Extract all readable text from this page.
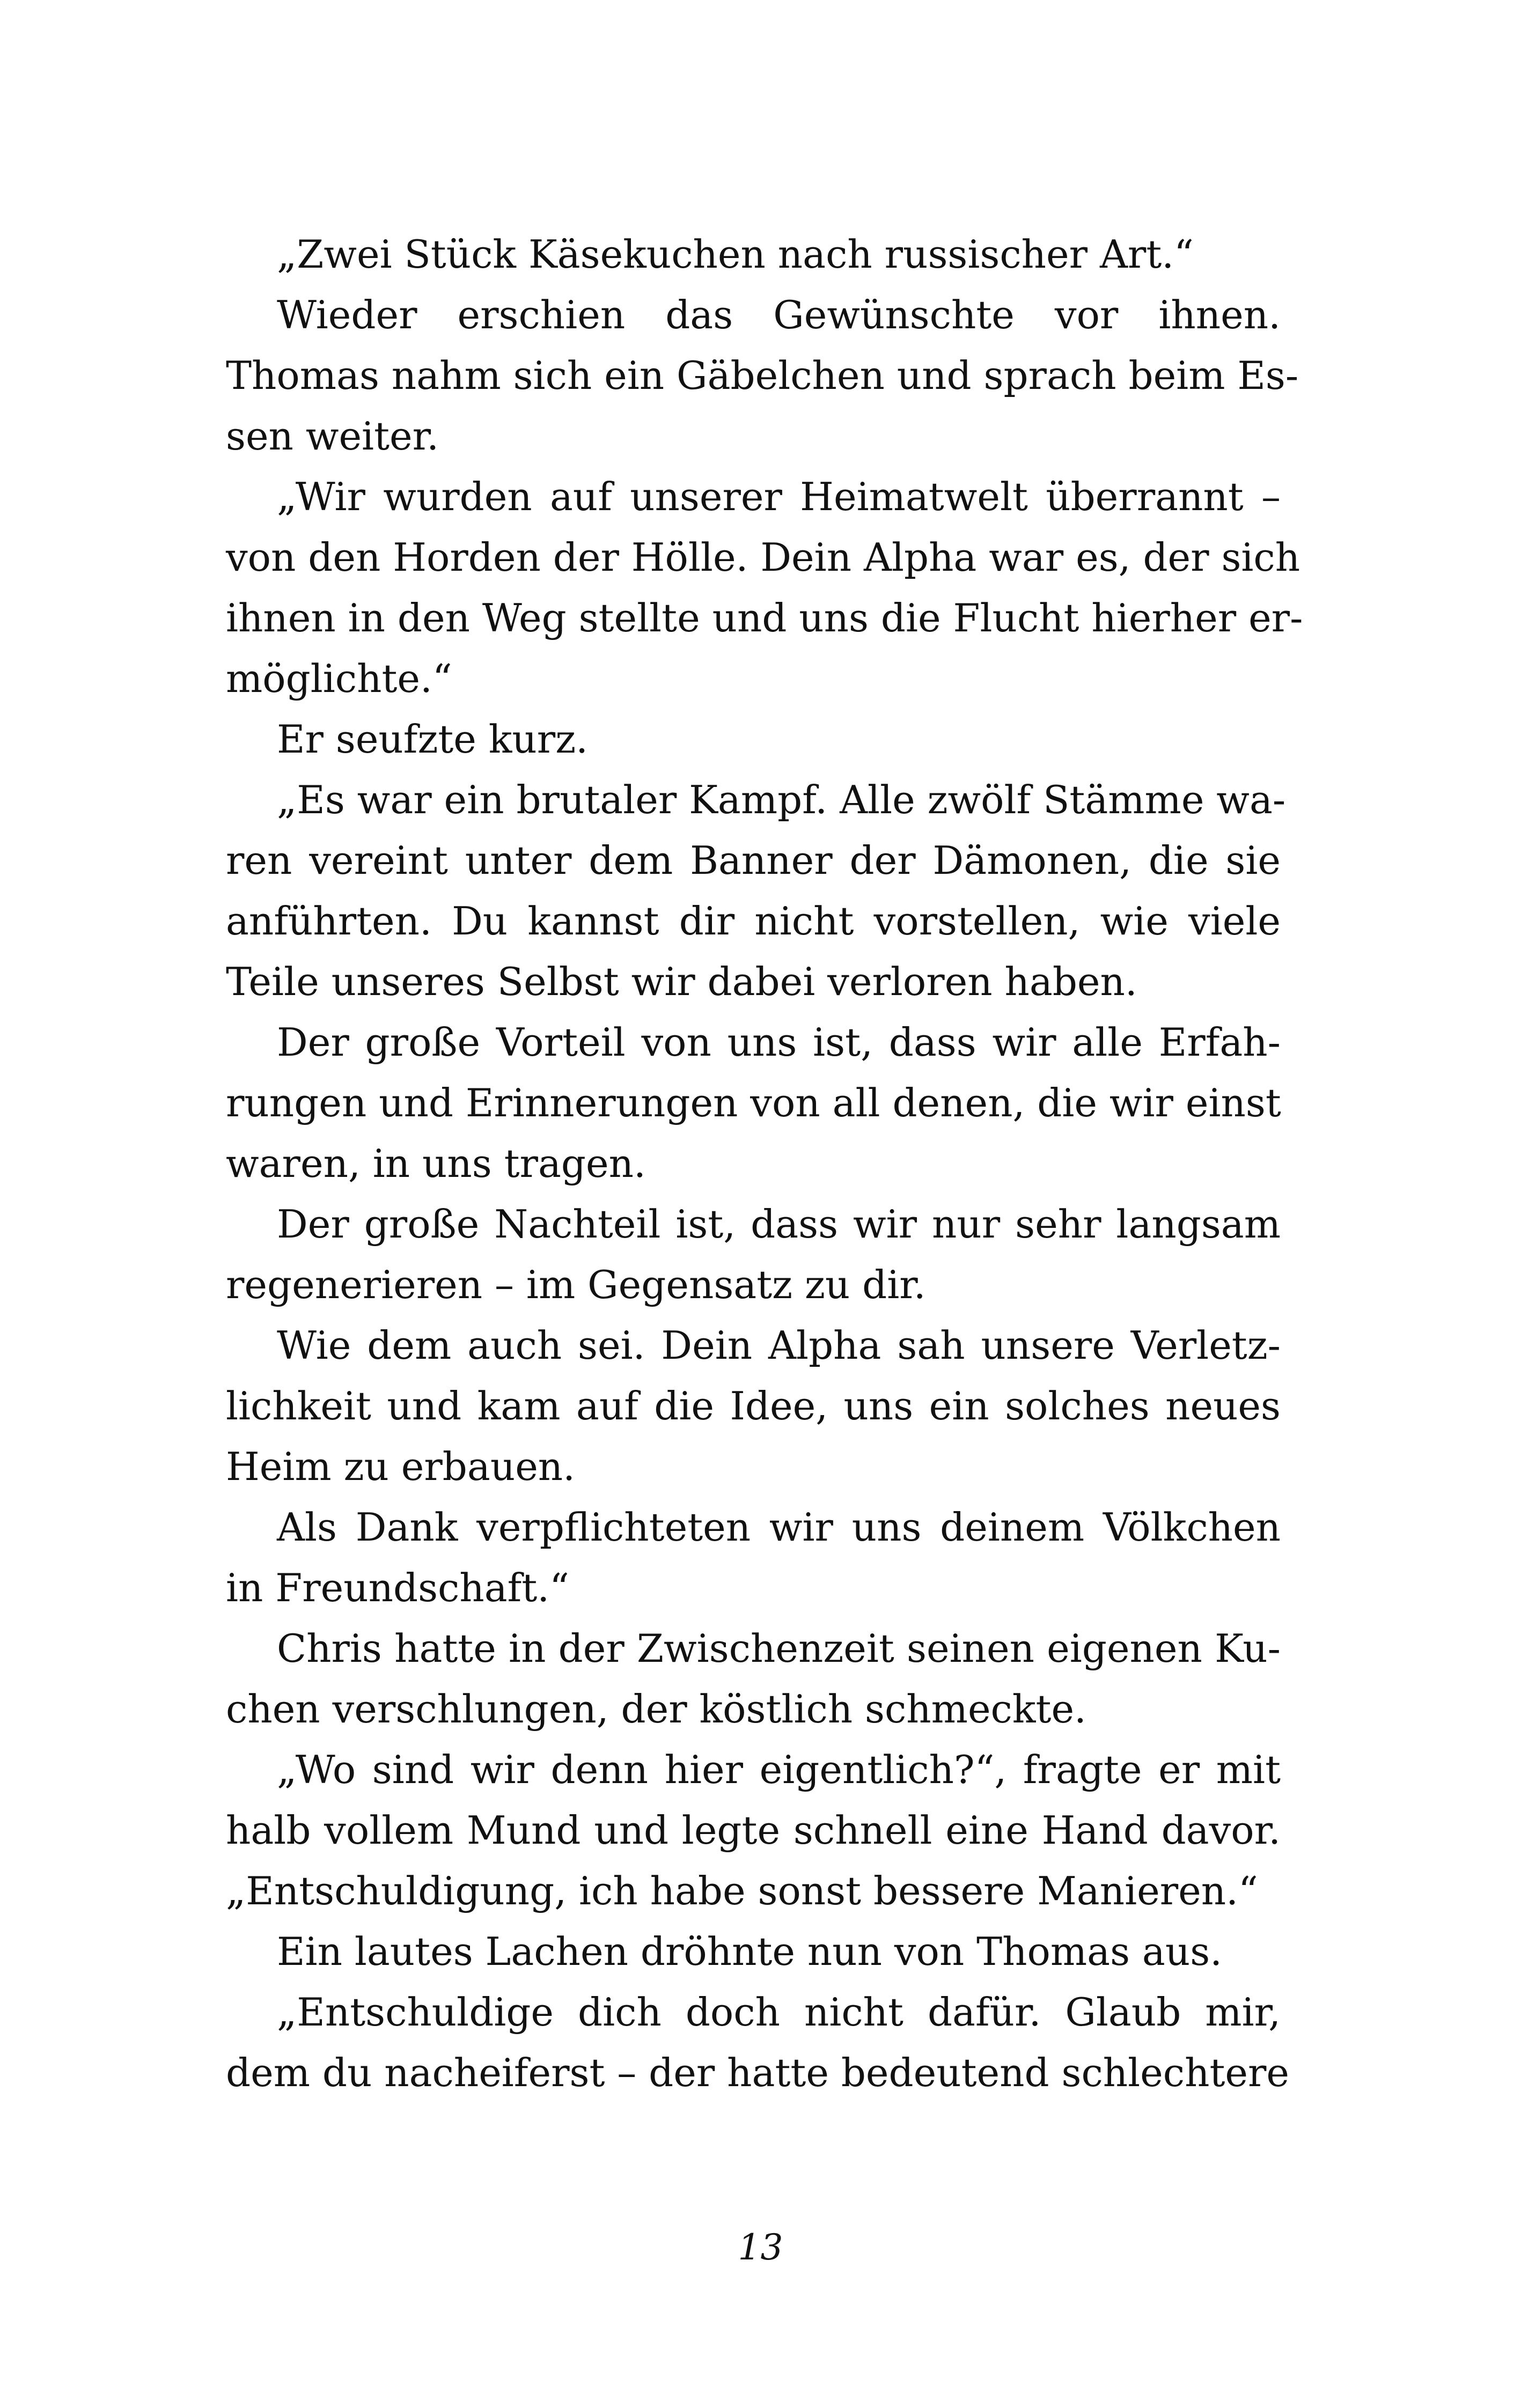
„Zwei Stück Käsekuchen nach russischer Art.“
Wieder erschien das Gewünschte vor ihnen.
Thomas nahm sich ein Gäbelchen und sprach beim Es-
sen weiter.
„Wir wurden auf unserer Heimatwelt überrannt –
von den Horden der Hölle. Dein Alpha war es, der sich
ihnen in den Weg stellte und uns die Flucht hierher er-
möglichte.“
Er seufzte kurz.
„Es war ein brutaler Kampf. Alle zwölf Stämme wa-
ren vereint unter dem Banner der Dämonen, die sie
anführten. Du kannst dir nicht vorstellen, wie viele
Teile unseres Selbst wir dabei verloren haben.
Der große Vorteil von uns ist, dass wir alle Erfah-
rungen und Erinnerungen von all denen, die wir einst
waren, in uns tragen.
Der große Nachteil ist, dass wir nur sehr langsam
regenerieren – im Gegensatz zu dir.
Wie dem auch sei. Dein Alpha sah unsere Verletz-
lichkeit und kam auf die Idee, uns ein solches neues
Heim zu erbauen.
Als Dank verpflichteten wir uns deinem Völkchen
in Freundschaft.“
Chris hatte in der Zwischenzeit seinen eigenen Ku-
chen verschlungen, der köstlich schmeckte.
„Wo sind wir denn hier eigentlich?“, fragte er mit
halb vollem Mund und legte schnell eine Hand davor.
„Entschuldigung, ich habe sonst bessere Manieren.“
Ein lautes Lachen dröhnte nun von Thomas aus.
„Entschuldige dich doch nicht dafür. Glaub mir,
dem du nacheiferst – der hatte bedeutend schlechtere
13
